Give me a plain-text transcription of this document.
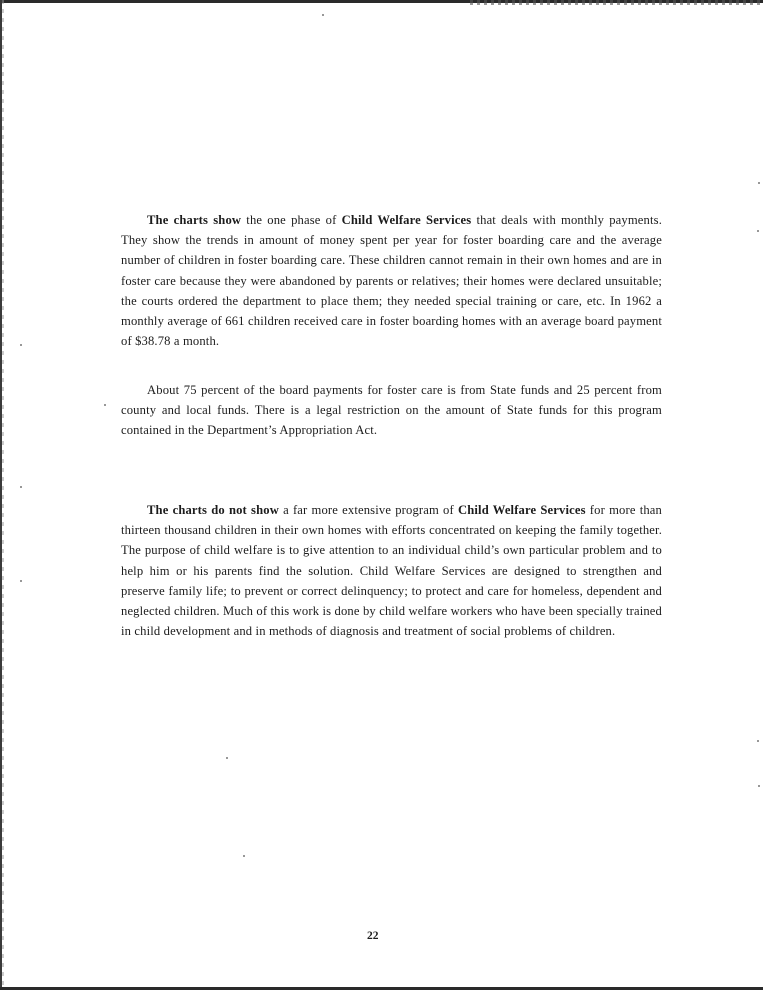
The charts show the one phase of Child Welfare Services that deals with monthly payments. They show the trends in amount of money spent per year for foster boarding care and the average number of children in foster boarding care. These children cannot remain in their own homes and are in foster care because they were abandoned by parents or relatives; their homes were declared unsuitable; the courts ordered the department to place them; they needed special training or care, etc. In 1962 a monthly average of 661 children received care in foster boarding homes with an average board payment of $38.78 a month.

About 75 percent of the board payments for foster care is from State funds and 25 percent from county and local funds. There is a legal restriction on the amount of State funds for this program contained in the Department’s Appropriation Act.

The charts do not show a far more extensive program of Child Welfare Services for more than thirteen thousand children in their own homes with efforts concentrated on keeping the family together. The purpose of child welfare is to give attention to an individual child’s own particular problem and to help him or his parents find the solution. Child Welfare Services are designed to strengthen and preserve family life; to prevent or correct delinquency; to protect and care for homeless, dependent and neglected children. Much of this work is done by child welfare workers who have been specially trained in child development and in methods of diagnosis and treatment of social problems of children.

22
